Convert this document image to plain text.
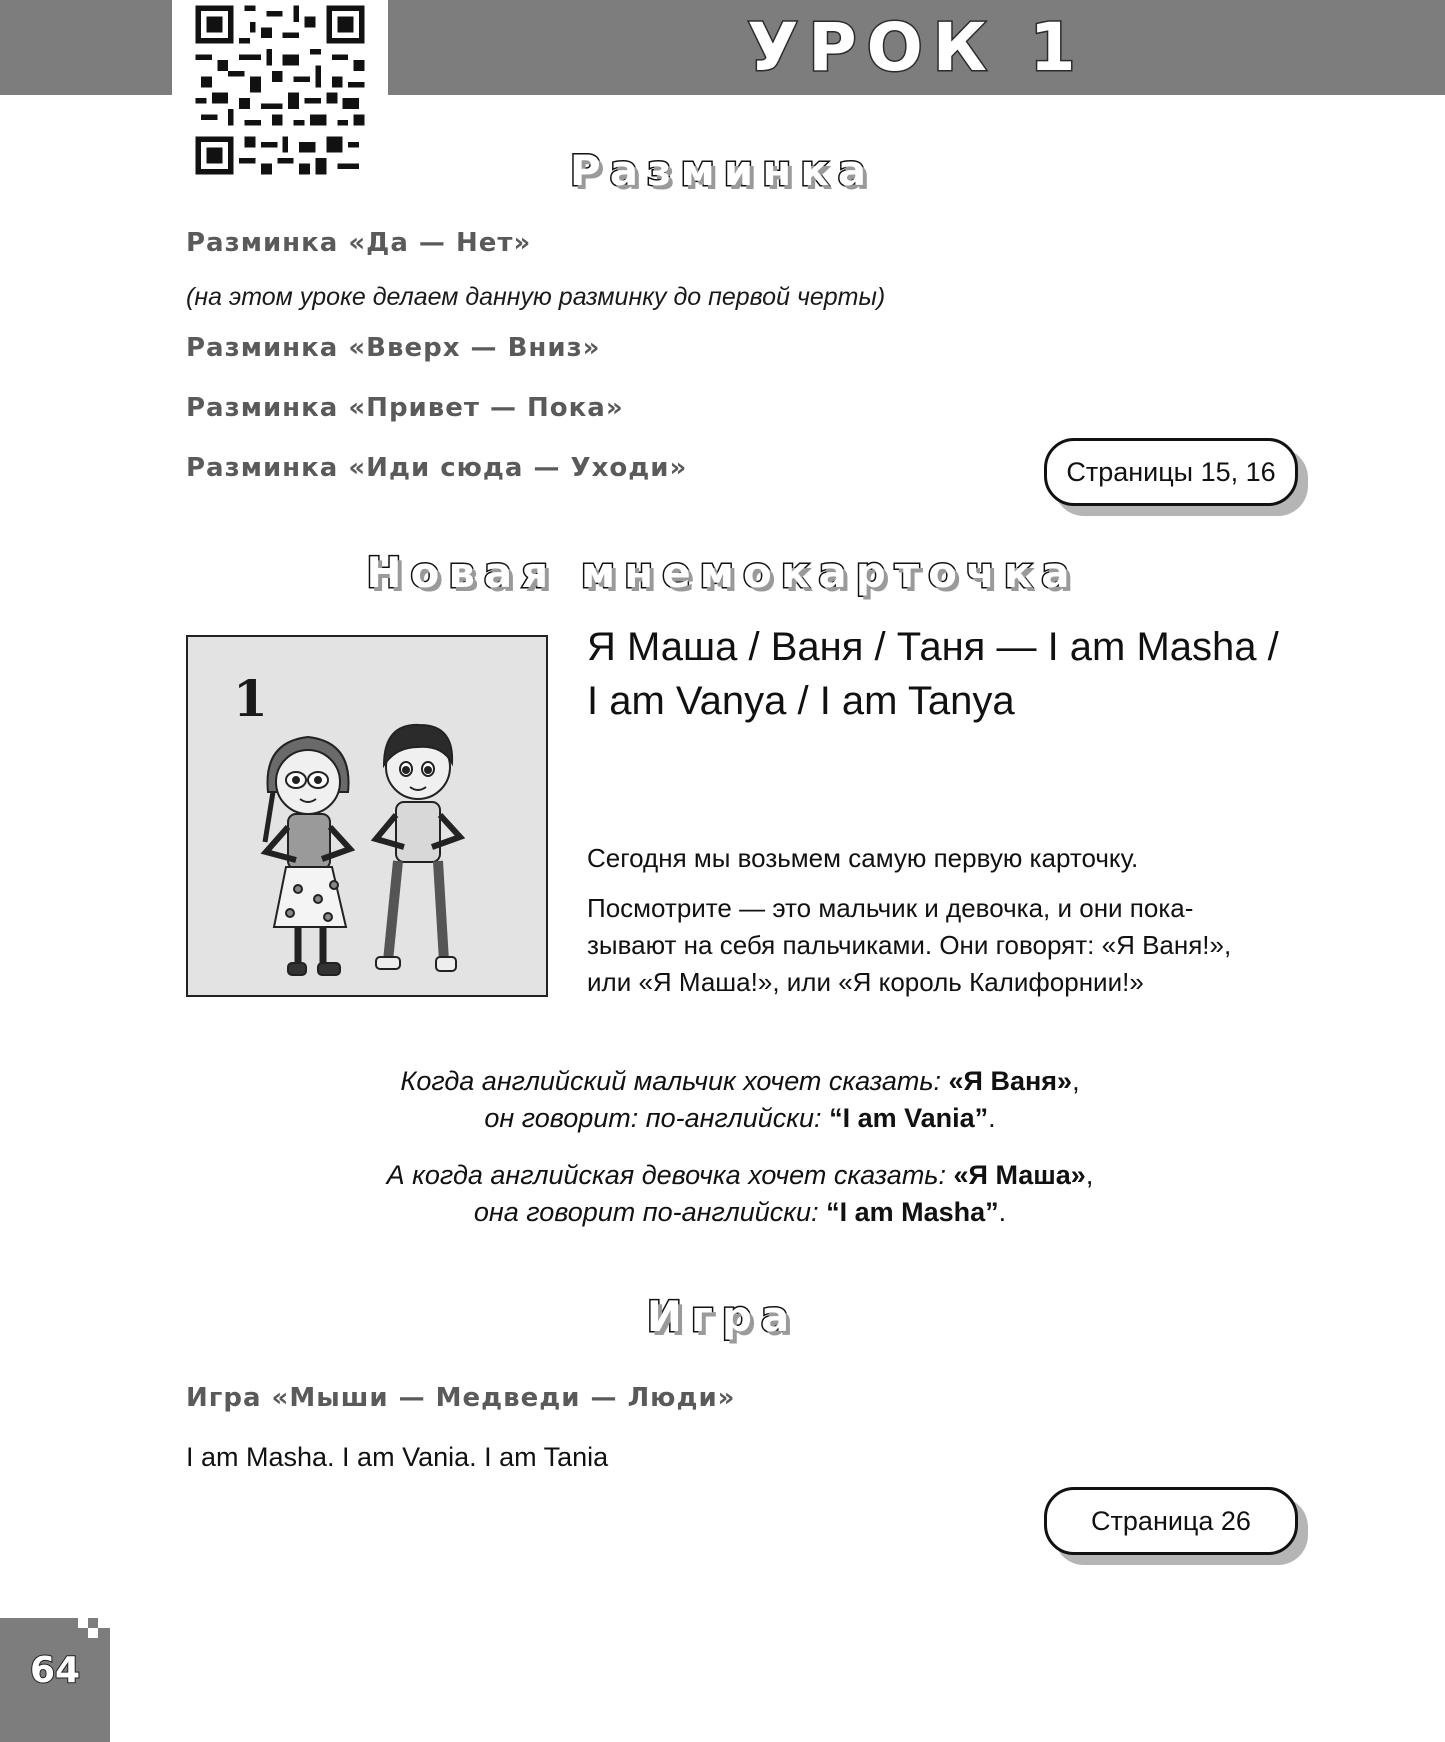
УРОК 1
Разминка
Разминка «Да — Нет»
(на этом уроке делаем данную разминку до первой черты)
Разминка «Вверх — Вниз»
Разминка «Привет — Пока»
Разминка «Иди сюда — Уходи»	Страницы 15, 16
Новая мнемокарточка
1
Я Маша / Ваня / Таня — I am Masha /
I am Vanya / I am Tanya
Сегодня мы возьмем самую первую карточку.
Посмотрите — это мальчик и девочка, и они пока-
зывают на себя пальчиками. Они говорят: «Я Ваня!»,
или «Я Маша!», или «Я король Калифорнии!»
Когда английский мальчик хочет сказать: «Я Ваня»,
он говорит: по-английски: “I am Vania”.
А когда английская девочка хочет сказать: «Я Маша»,
она говорит по-английски: “I am Masha”.
Игра
Игра «Мыши — Медведи — Люди»
I am Masha. I am Vania. I am Tania
Страница 26
64
